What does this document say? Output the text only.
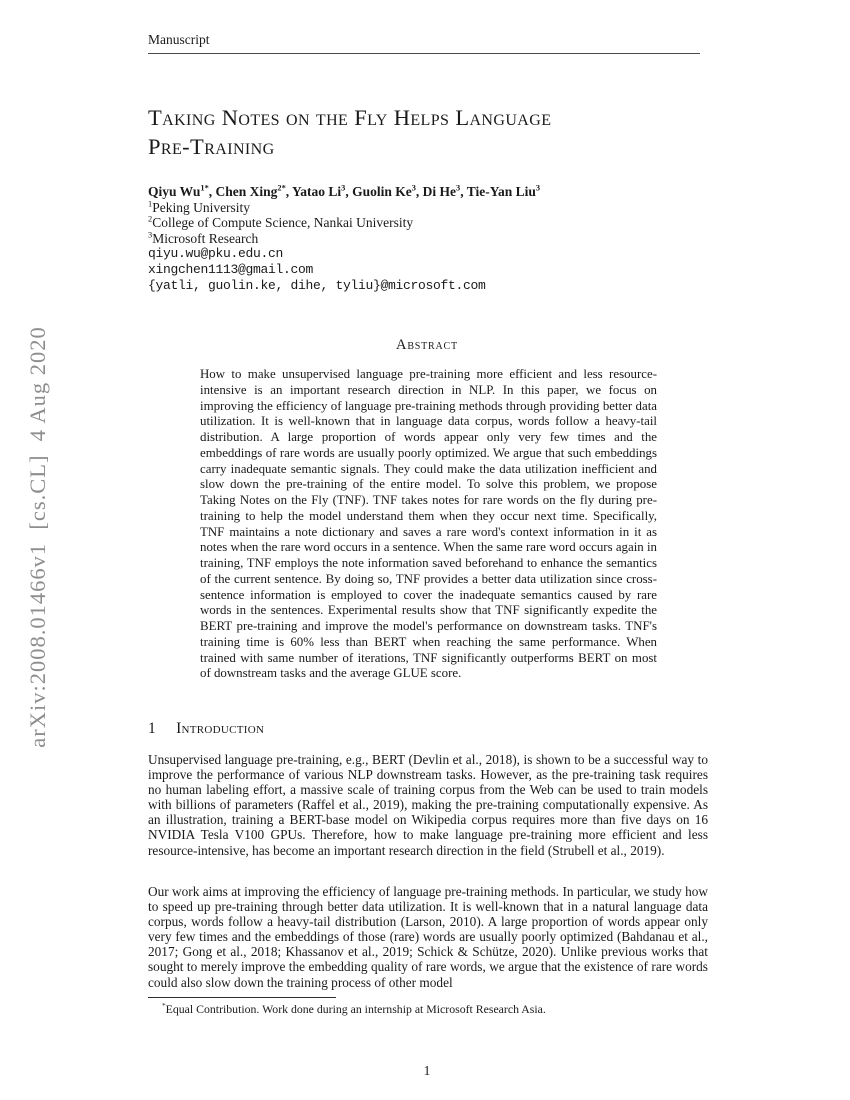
arXiv:2008.01466v1  [cs.CL]  4 Aug 2020
Manuscript
Taking Notes on the Fly Helps Language
Pre-Training
Qiyu $Wu^{1*}$, Chen Xing$^{2*}$, Yatao Li$^3$, Guolin Ke$^3$, Di He$^3$, Tie-Yan Liu$^3$
$^1$Peking University
$^2$College of Compute Science, Nankai University
$^3$Microsoft Research
qiyu.wu@pku.edu.cn
xingchen1113@gmail.com
{yatli, guolin.ke, dihe, tyliu}@microsoft.com
Abstract
How to make unsupervised language pre-training more efficient and less resource-intensive is an important research direction in NLP. In this paper, we focus on improving the efficiency of language pre-training methods through providing better data utilization. It is well-known that in language data corpus, words follow a heavy-tail distribution. A large proportion of words appear only very few times and the embeddings of rare words are usually poorly optimized. We argue that such embeddings carry inadequate semantic signals. They could make the data utilization inefficient and slow down the pre-training of the entire model. To solve this problem, we propose Taking Notes on the Fly (TNF). TNF takes notes for rare words on the fly during pre-training to help the model understand them when they occur next time. Specifically, TNF maintains a note dictionary and saves a rare word's context information in it as notes when the rare word occurs in a sentence. When the same rare word occurs again in training, TNF employs the note information saved beforehand to enhance the semantics of the current sentence. By doing so, TNF provides a better data utilization since cross-sentence information is employed to cover the inadequate semantics caused by rare words in the sentences. Experimental results show that TNF significantly expedite the BERT pre-training and improve the model's performance on downstream tasks. TNF's training time is 60% less than BERT when reaching the same performance. When trained with same number of iterations, TNF significantly outperforms BERT on most of downstream tasks and the average GLUE score.
1 Introduction
Unsupervised language pre-training, e.g., BERT (Devlin et al., 2018), is shown to be a successful way to improve the performance of various NLP downstream tasks. However, as the pre-training task requires no human labeling effort, a massive scale of training corpus from the Web can be used to train models with billions of parameters (Raffel et al., 2019), making the pre-training computationally expensive. As an illustration, training a BERT-base model on Wikipedia corpus requires more than five days on 16 NVIDIA Tesla V100 GPUs. Therefore, how to make language pre-training more efficient and less resource-intensive, has become an important research direction in the field (Strubell et al., 2019).
Our work aims at improving the efficiency of language pre-training methods. In particular, we study how to speed up pre-training through better data utilization. It is well-known that in a natural language data corpus, words follow a heavy-tail distribution (Larson, 2010). A large proportion of words appear only very few times and the embeddings of those (rare) words are usually poorly optimized (Bahdanau et al., 2017; Gong et al., 2018; Khassanov et al., 2019; Schick & Schütze, 2020). Unlike previous works that sought to merely improve the embedding quality of rare words, we argue that the existence of rare words could also slow down the training process of other model
*Equal Contribution. Work done during an internship at Microsoft Research Asia.
1
